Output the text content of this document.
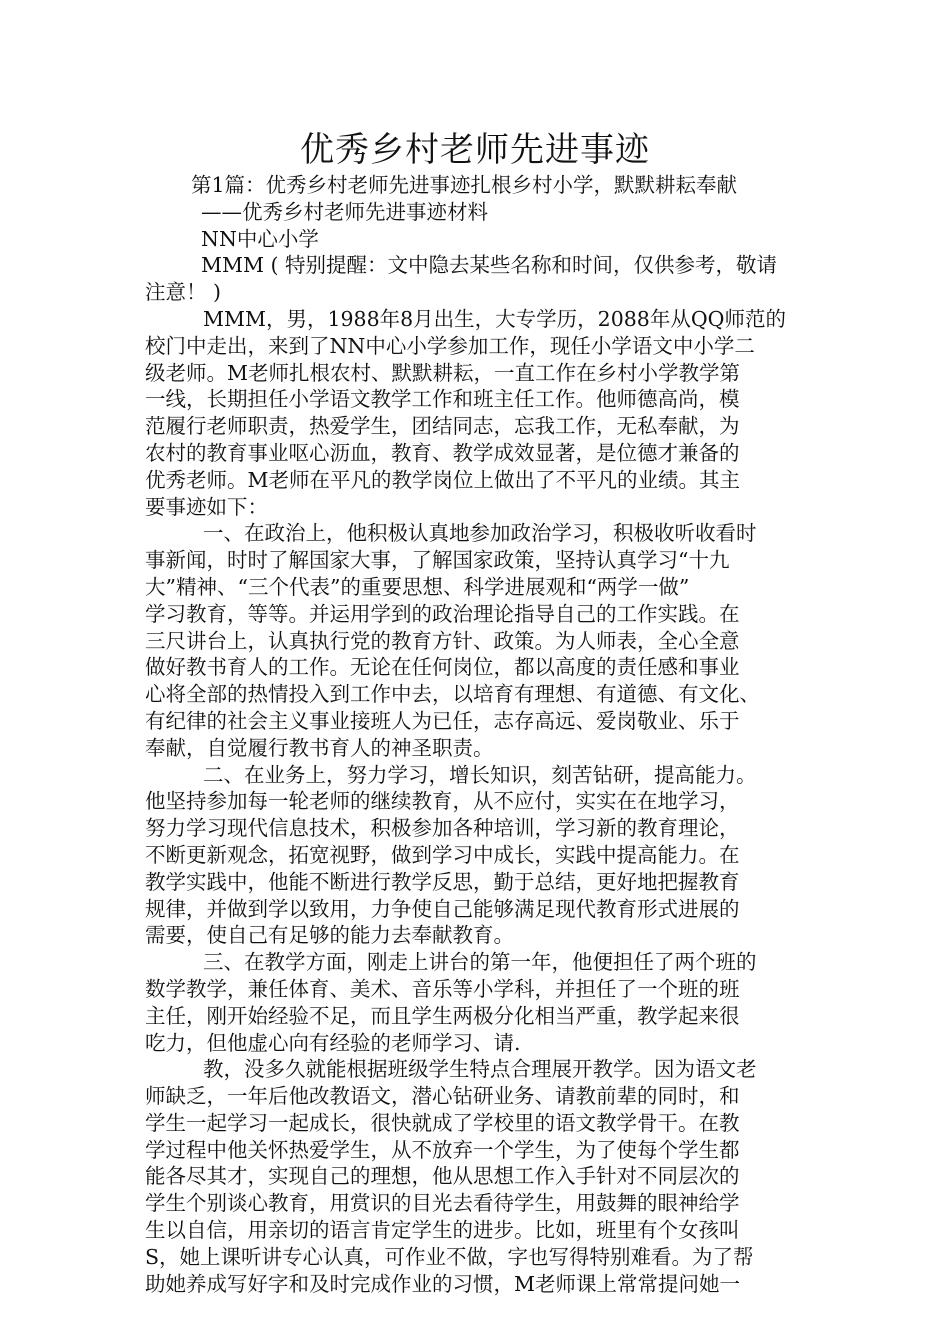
优秀乡村老师先进事迹
第1篇：优秀乡村老师先进事迹扎根乡村小学，默默耕耘奉献
——优秀乡村老师先进事迹材料
NN中心小学
MMM ( 特别提醒：文中隐去某些名称和时间，仅供参考，敬请
注意！ )
MMM，男，1988年8月出生，大专学历，2088年从QQ师范的
校门中走出，来到了NN中心小学参加工作，现任小学语文中小学二
级老师。M老师扎根农村、默默耕耘，一直工作在乡村小学教学第
一线，长期担任小学语文教学工作和班主任工作。他师德高尚，模
范履行老师职责，热爱学生，团结同志，忘我工作，无私奉献，为
农村的教育事业呕心沥血，教育、教学成效显著，是位德才兼备的
优秀老师。M老师在平凡的教学岗位上做出了不平凡的业绩。其主
要事迹如下：
一、在政治上，他积极认真地参加政治学习，积极收听收看时
事新闻，时时了解国家大事，了解国家政策，坚持认真学习“十九
大”精神、“三个代表”的重要思想、科学进展观和“两学一做”
学习教育，等等。并运用学到的政治理论指导自己的工作实践。在
三尺讲台上，认真执行党的教育方针、政策。为人师表，全心全意
做好教书育人的工作。无论在任何岗位，都以高度的责任感和事业
心将全部的热情投入到工作中去，以培育有理想、有道德、有文化、
有纪律的社会主义事业接班人为已任，志存高远、爱岗敬业、乐于
奉献，自觉履行教书育人的神圣职责。
二、在业务上，努力学习，增长知识，刻苦钻研，提高能力。
他坚持参加每一轮老师的继续教育，从不应付，实实在在地学习，
努力学习现代信息技术，积极参加各种培训，学习新的教育理论，
不断更新观念，拓宽视野，做到学习中成长，实践中提高能力。在
教学实践中，他能不断进行教学反思，勤于总结，更好地把握教育
规律，并做到学以致用，力争使自己能够满足现代教育形式进展的
需要，使自己有足够的能力去奉献教育。
三、在教学方面，刚走上讲台的第一年，他便担任了两个班的
数学教学，兼任体育、美术、音乐等小学科，并担任了一个班的班
主任，刚开始经验不足，而且学生两极分化相当严重，教学起来很
吃力，但他虚心向有经验的老师学习、请.
教，没多久就能根据班级学生特点合理展开教学。因为语文老
师缺乏，一年后他改教语文，潜心钻研业务、请教前辈的同时，和
学生一起学习一起成长，很快就成了学校里的语文教学骨干。在教
学过程中他关怀热爱学生，从不放弃一个学生，为了使每个学生都
能各尽其才，实现自己的理想，他从思想工作入手针对不同层次的
学生个别谈心教育，用赏识的目光去看待学生，用鼓舞的眼神给学
生以自信，用亲切的语言肯定学生的进步。比如，班里有个女孩叫
S，她上课听讲专心认真，可作业不做，字也写得特别难看。为了帮
助她养成写好字和及时完成作业的习惯，M老师课上常常提问她一
